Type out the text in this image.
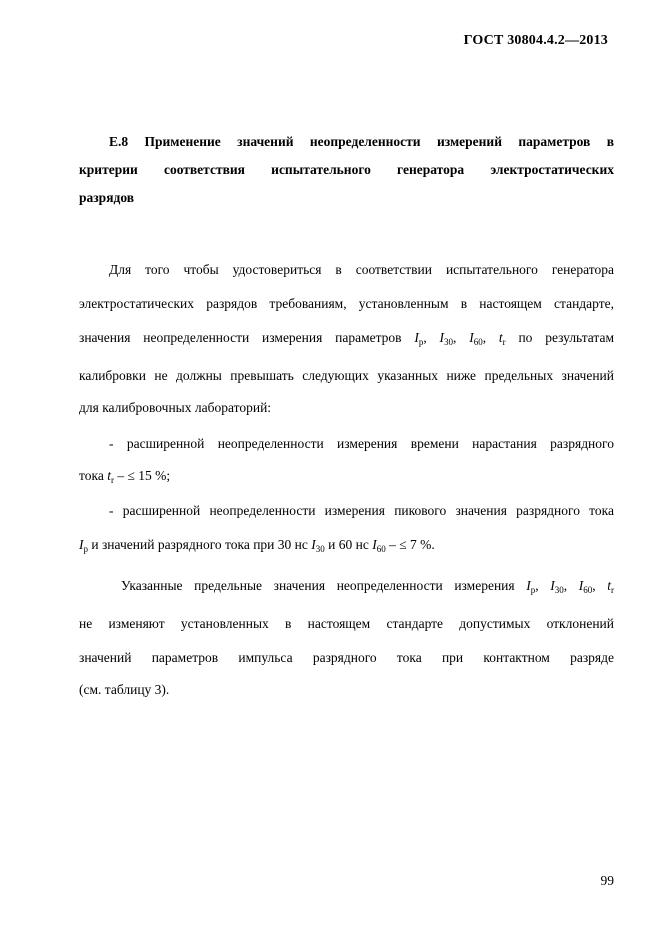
ГОСТ 30804.4.2—2013
Е.8 Применение значений неопределенности измерений параметров в
критерии соответствия испытательного генератора электростатических
разрядов
Для того чтобы удостовериться в соответствии испытательного генератора
электростатических разрядов требованиям, установленным в настоящем стандарте,
значения неопределенности измерения параметров $I_p$, $I_{30}$, $I_{60}$, $t_r$ по результатам
калибровки не должны превышать следующих указанных ниже предельных значений
для калибровочных лабораторий:
- расширенной неопределенности измерения времени нарастания разрядного
тока $t_r$ – ≤ 15 %;
- расширенной неопределенности измерения пикового значения разрядного тока
$I_p$ и значений разрядного тока при 30 нс $I_{30}$ и 60 нс $I_{60}$ – ≤ 7 %.
Указанные предельные значения неопределенности измерения $I_p$, $I_{30}$, $I_{60}$, $t_r$
не изменяют установленных в настоящем стандарте допустимых отклонений
значений параметров импульса разрядного тока при контактном разряде
(см. таблицу 3).
99
